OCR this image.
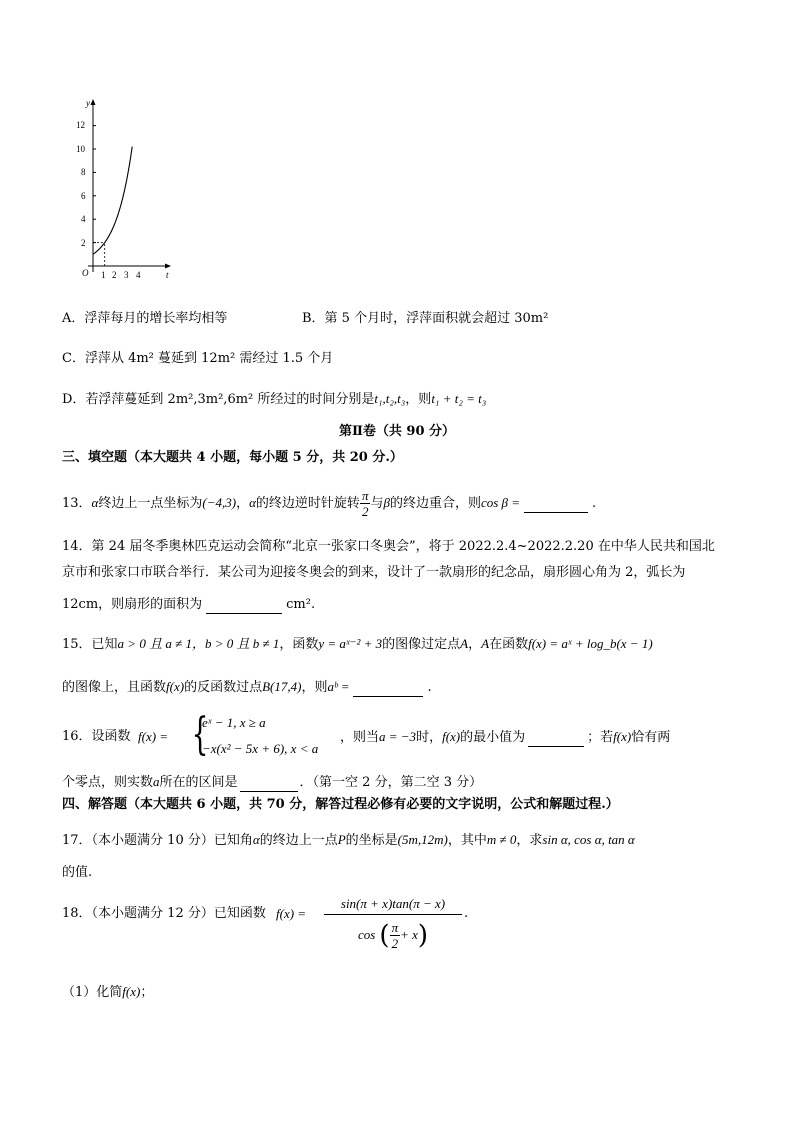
y
t
O
2
4
6
8
10
12
1 2 3 4
A．浮萍每月的增长率均相等	B．第 5 个月时，浮萍面积就会超过 30m²
C．浮萍从 4m² 蔓延到 12m² 需经过 1.5 个月
D．若浮萍蔓延到 2m²,3m²,6m² 所经过的时间分别是t₁,t₂,t₃，则t₁ + t₂ = t₃
第Ⅱ卷（共 90 分）
三、填空题（本大题共 4 小题，每小题 5 分，共 20 分.）
13．α终边上一点坐标为(−4,3)，α的终边逆时针旋转 $\frac{\pi}{2}$ 与β的终边重合，则cos β =	.
14．第 24 届冬季奥林匹克运动会简称“北京一张家口冬奥会”，将于 2022.2.4~2022.2.20 在中华人民共和国北
京市和张家口市联合举行．某公司为迎接冬奥会的到来，设计了一款扇形的纪念品，扇形圆心角为 2，弧长为
12cm，则扇形的面积为	cm².
15．已知a > 0 且 a ≠ 1，b > 0 且 b ≠ 1，函数y = aˣ⁻² + 3的图像过定点A，A在函数f(x) = aˣ + log_b(x − 1)
的图像上，且函数f(x)的反函数过点B(17,4)，则aᵇ =	.
16．设函数 f(x) = {
eˣ − 1, x ≥ a
−x(x² − 5x + 6), x < a
，则当a = −3时，f(x)的最小值为	；若f(x)恰有两
个零点，则实数a所在的区间是	．（第一空 2 分，第二空 3 分）
四、解答题（本大题共 6 小题，共 70 分，解答过程必修有必要的文字说明，公式和解题过程.）
17．（本小题满分 10 分）已知角α的终边上一点P的坐标是(5m,12m)，其中m ≠ 0，求sin α, cos α, tan α
的值.
18．（本小题满分 12 分）已知函数 $f(x) = \frac{\sin(\pi + x)\tan(\pi - x)}{\cos ( \frac{\pi}{2} + x)}$ .
（1）化简f(x)；
